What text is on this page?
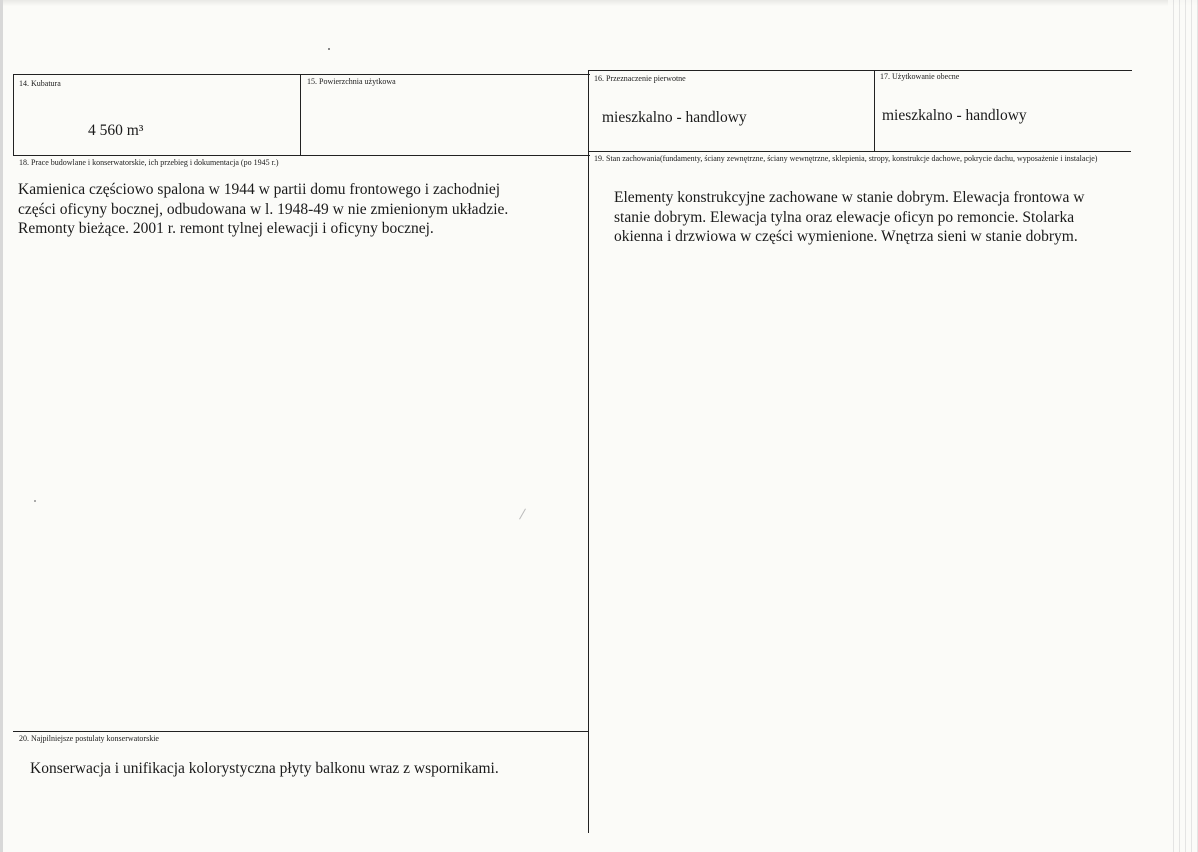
14. Kubatura
4 560 m³
15. Powierzchnia użytkowa	16. Przeznaczenie pierwotne
mieszkalno - handlowy
17. Użytkowanie obecne
mieszkalno - handlowy
18. Prace budowlane i konserwatorskie, ich przebieg i dokumentacja (po 1945 r.)
Kamienica częściowo spalona w 1944 w partii domu frontowego i zachodniej
części oficyny bocznej, odbudowana w l. 1948-49 w nie zmienionym układzie.
Remonty bieżące. 2001 r. remont tylnej elewacji i oficyny bocznej.
19. Stan zachowania(fundamenty, ściany zewnętrzne, ściany wewnętrzne, sklepienia, stropy, konstrukcje dachowe, pokrycie dachu, wyposażenie i instalacje)
Elementy konstrukcyjne zachowane w stanie dobrym. Elewacja frontowa w
stanie dobrym. Elewacja tylna oraz elewacje oficyn po remoncie. Stolarka
okienna i drzwiowa w części wymienione. Wnętrza sieni w stanie dobrym.
20. Najpilniejsze postulaty konserwatorskie
Konserwacja i unifikacja kolorystyczna płyty balkonu wraz z wspornikami.
